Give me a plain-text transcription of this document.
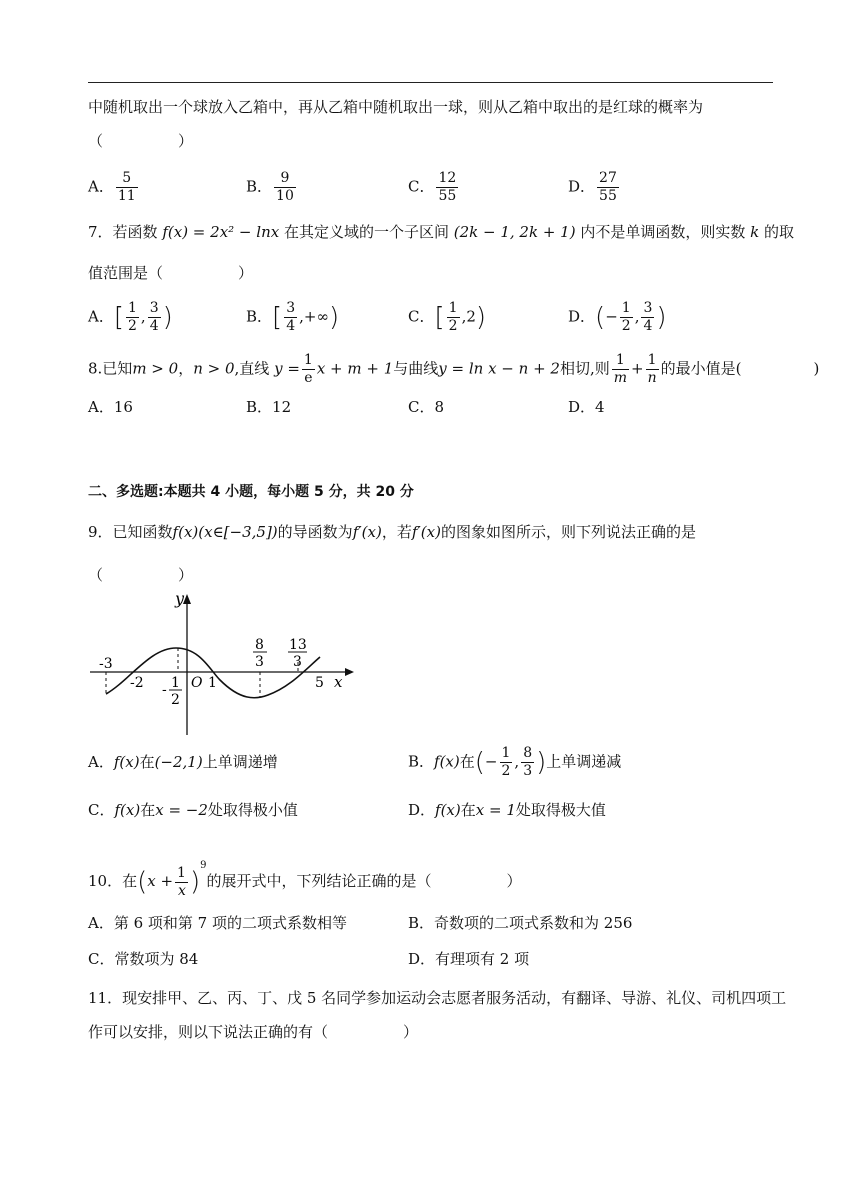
中随机取出一个球放入乙箱中，再从乙箱中随机取出一球，则从乙箱中取出的是红球的概率为
（　　　　　）
A． $\frac{5}{11}$	B． $\frac{9}{10}$	C． $\frac{12}{55}$	D． $\frac{27}{55}$
7．若函数 f(x) = 2x² − lnx 在其定义域的一个子区间 (2k − 1, 2k + 1) 内不是单调函数，则实数 k 的取
值范围是（　　　　　）
A．[ $\frac{1}{2}$ , $\frac{3}{4}$ )	B．[ $\frac{3}{4}$ ,+∞)	C．[ $\frac{1}{2} ,2$)	D．(− $\frac{1}{2}$ , $\frac{3}{4}$ )
8.已知m > 0，n > 0,直线 $y = \frac{1}{e}$ x + m + 1与曲线y = ln x − n + 2相切,则 $\frac{1}{m} + \frac{1}{n}$ 的最小值是(	)
A．16	B．12	C．8	D．4
二、多选题:本题共 4 小题，每小题 5 分，共 20 分
9．已知函数f(x)(x∈[−3,5])的导函数为f′(x)，若f′(x)的图象如图所示，则下列说法正确的是
（　　　　　）
y
x
O
-3
-2	1	5
- 1
2
8
3
13
3
A．f(x)在(−2,1)上单调递增	B．f(x)在(− $\frac{1}{2}$ , $\frac{8}{3}$ )上单调递减
C．f(x)在x = −2处取得极小值	D．f(x)在x = 1处取得极大值
10．在$(x + \frac{1}{x} )^9$的展开式中，下列结论正确的是（　　　　　）
A．第 6 项和第 7 项的二项式系数相等	B．奇数项的二项式系数和为 256
C．常数项为 84	D．有理项有 2 项
11．现安排甲、乙、丙、丁、戊 5 名同学参加运动会志愿者服务活动，有翻译、导游、礼仪、司机四项工
作可以安排，则以下说法正确的有（　　　　　）
